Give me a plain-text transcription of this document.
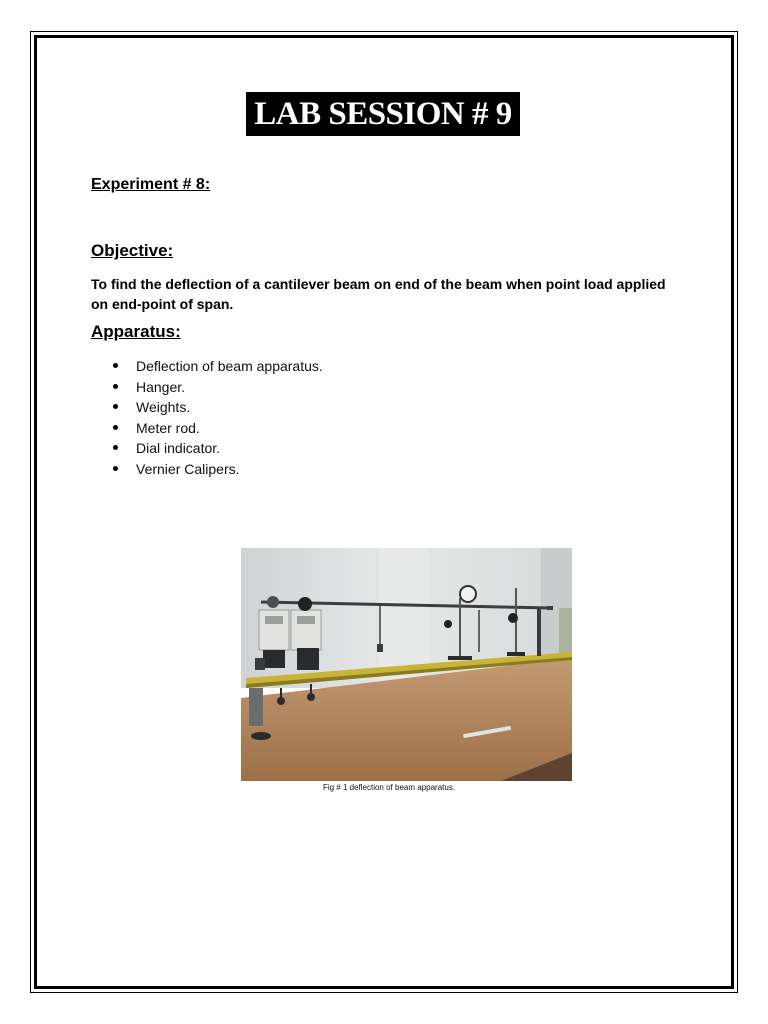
LAB SESSION # 9
Experiment # 8:
Objective:
To find the deflection of a cantilever beam on end of the beam when point load applied on end-point of span.
Apparatus:
Deflection of beam apparatus.
Hanger.
Weights.
Meter rod.
Dial indicator.
Vernier Calipers.
Fig # 1 deflection of beam apparatus.
